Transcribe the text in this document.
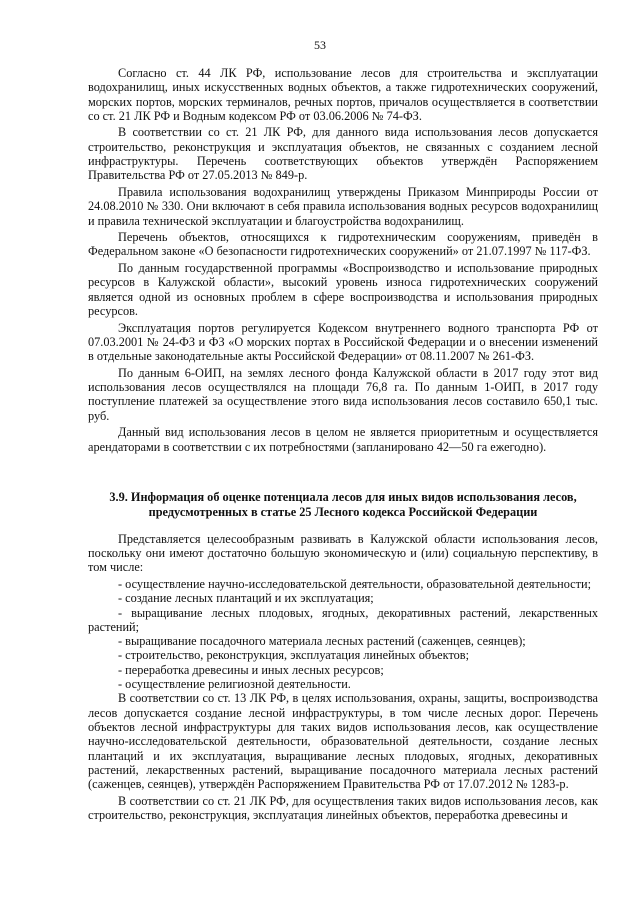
53

Согласно ст. 44 ЛК РФ, использование лесов для строительства и эксплуатации водохранилищ, иных искусственных водных объектов, а также гидротехнических сооружений, морских портов, морских терминалов, речных портов, причалов осуществляется в соответствии со ст. 21 ЛК РФ и Водным кодексом РФ от 03.06.2006 № 74-ФЗ.

В соответствии со ст. 21 ЛК РФ, для данного вида использования лесов допускается строительство, реконструкция и эксплуатация объектов, не связанных с созданием лесной инфраструктуры. Перечень соответствующих объектов утверждён Распоряжением Правительства РФ от 27.05.2013 № 849-р.

Правила использования водохранилищ утверждены Приказом Минприроды России от 24.08.2010 № 330. Они включают в себя правила использования водных ресурсов водохранилищ и правила технической эксплуатации и благоустройства водохранилищ.

Перечень объектов, относящихся к гидротехническим сооружениям, приведён в Федеральном законе «О безопасности гидротехнических сооружений» от 21.07.1997 № 117-ФЗ.

По данным государственной программы «Воспроизводство и использование природных ресурсов в Калужской области», высокий уровень износа гидротехнических сооружений является одной из основных проблем в сфере воспроизводства и использования природных ресурсов.

Эксплуатация портов регулируется Кодексом внутреннего водного транспорта РФ от 07.03.2001 № 24-ФЗ и ФЗ «О морских портах в Российской Федерации и о внесении изменений в отдельные законодательные акты Российской Федерации» от 08.11.2007 № 261-ФЗ.

По данным 6-ОИП, на землях лесного фонда Калужской области в 2017 году этот вид использования лесов осуществлялся на площади 76,8 га. По данным 1-ОИП, в 2017 году поступление платежей за осуществление этого вида использования лесов составило 650,1 тыс. руб.

Данный вид использования лесов в целом не является приоритетным и осуществляется арендаторами в соответствии с их потребностями (запланировано 42—50 га ежегодно).

3.9. Информация об оценке потенциала лесов для иных видов использования лесов,
предусмотренных в статье 25 Лесного кодекса Российской Федерации

Представляется целесообразным развивать в Калужской области использования лесов, поскольку они имеют достаточно большую экономическую и (или) социальную перспективу, в том числе:

- осуществление научно-исследовательской деятельности, образовательной деятельности;

- создание лесных плантаций и их эксплуатация;

- выращивание лесных плодовых, ягодных, декоративных растений, лекарственных растений;

- выращивание посадочного материала лесных растений (саженцев, сеянцев);

- строительство, реконструкция, эксплуатация линейных объектов;

- переработка древесины и иных лесных ресурсов;

- осуществление религиозной деятельности.

В соответствии со ст. 13 ЛК РФ, в целях использования, охраны, защиты, воспроизводства лесов допускается создание лесной инфраструктуры, в том числе лесных дорог. Перечень объектов лесной инфраструктуры для таких видов использования лесов, как осуществление научно-исследовательской деятельности, образовательной деятельности, создание лесных плантаций и их эксплуатация, выращивание лесных плодовых, ягодных, декоративных растений, лекарственных растений, выращивание посадочного материала лесных растений (саженцев, сеянцев), утверждён Распоряжением Правительства РФ от 17.07.2012 № 1283-р.

В соответствии со ст. 21 ЛК РФ, для осуществления таких видов использования лесов, как строительство, реконструкция, эксплуатация линейных объектов, переработка древесины и
